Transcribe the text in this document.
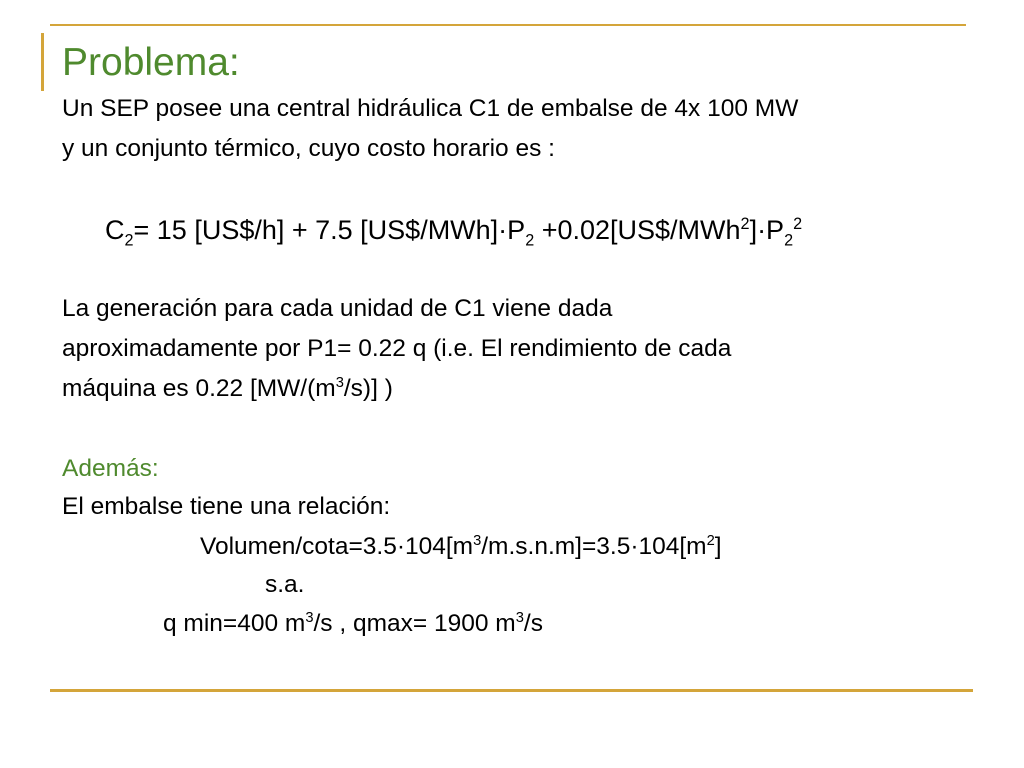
Problema:
Un SEP posee una central hidráulica C1 de embalse de 4x 100 MW
y un conjunto térmico, cuyo costo horario es :
$C_2= 15$ [US$/h] + 7.5 $[US\$/MWh]\cdot P_2$ $+0.02[US\$/MWh^2]\cdot P_2^2$
La generación para cada unidad de C1 viene dada
aproximadamente por P1= 0.22 q (i.e. El rendimiento de cada
máquina es 0.22 $[MW/(m^3/s)]$ )
Además:
El embalse tiene una relación:
Volumen/$\cot a=3.5\cdot 104[m^3/m.s.n.m]=3.5\cdot 104[m^2]$
s.a.
q min=400 $m^3/s$ , qmax= 1900 $m^3/s$
